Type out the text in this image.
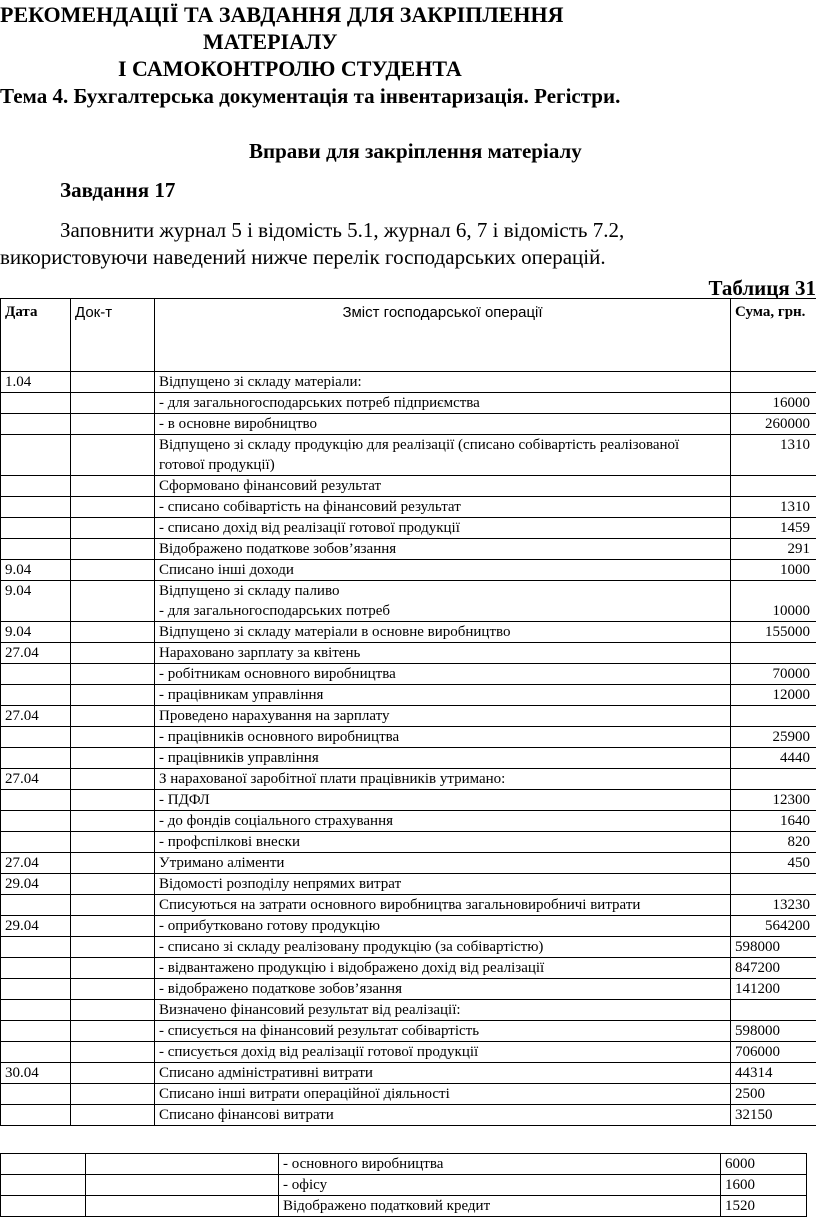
РЕКОМЕНДАЦІЇ ТА ЗАВДАННЯ ДЛЯ ЗАКРІПЛЕННЯ
МАТЕРІАЛУ
І САМОКОНТРОЛЮ СТУДЕНТА
Тема 4. Бухгалтерська документація та інвентаризація. Регістри.
Вправи для закріплення матеріалу
Завдання 17
Заповнити журнал 5 і відомість 5.1, журнал 6, 7 і відомість 7.2,
використовуючи наведений нижче перелік господарських операцій.
Таблиця 31
Дата	Док-т	Зміст господарської операції	Сума, грн.
1.04		Відпущено зі складу матеріали:	
		- для загальногосподарських потреб підприємства	16000
		- в основне виробництво	260000
		Відпущено зі складу продукцію для реалізації (списано собівартість реалізованої готової продукції)	1310
		Сформовано фінансовий результат	
		- списано собівартість на фінансовий результат	1310
		- списано дохід від реалізації готової продукції	1459
		Відображено податкове зобов’язання	291
9.04		Списано інші доходи	1000
9.04		Відпущено зі складу паливо
- для загальногосподарських потреб	10000
9.04		Відпущено зі складу матеріали в основне виробництво	155000
27.04		Нараховано зарплату за квітень	
		- робітникам основного виробництва	70000
		- працівникам управління	12000
27.04		Проведено нарахування на зарплату	
		- працівників основного виробництва	25900
		- працівників управління	4440
27.04		З нарахованої заробітної плати працівників утримано:	
		- ПДФЛ	12300
		- до фондів соціального страхування	1640
		- профспілкові внески	820
27.04		Утримано аліменти	450
29.04		Відомості розподілу непрямих витрат	
		Списуються на затрати основного виробництва загальновиробничі витрати	13230
29.04		- оприбутковано готову продукцію	564200
		- списано зі складу реалізовану продукцію (за собівартістю)	598000
		- відвантажено продукцію і відображено дохід від реалізації	847200
		- відображено податкове зобов’язання	141200
		Визначено фінансовий результат від реалізації:	
		- списується на фінансовий результат собівартість	598000
		- списується дохід від реалізації готової продукції	706000
30.04		Списано адміністративні витрати	44314
		Списано інші витрати операційної діяльності	2500
		Списано фінансові витрати	32150
		- основного виробництва	6000
		- офісу	1600
		Відображено податковий кредит	1520
